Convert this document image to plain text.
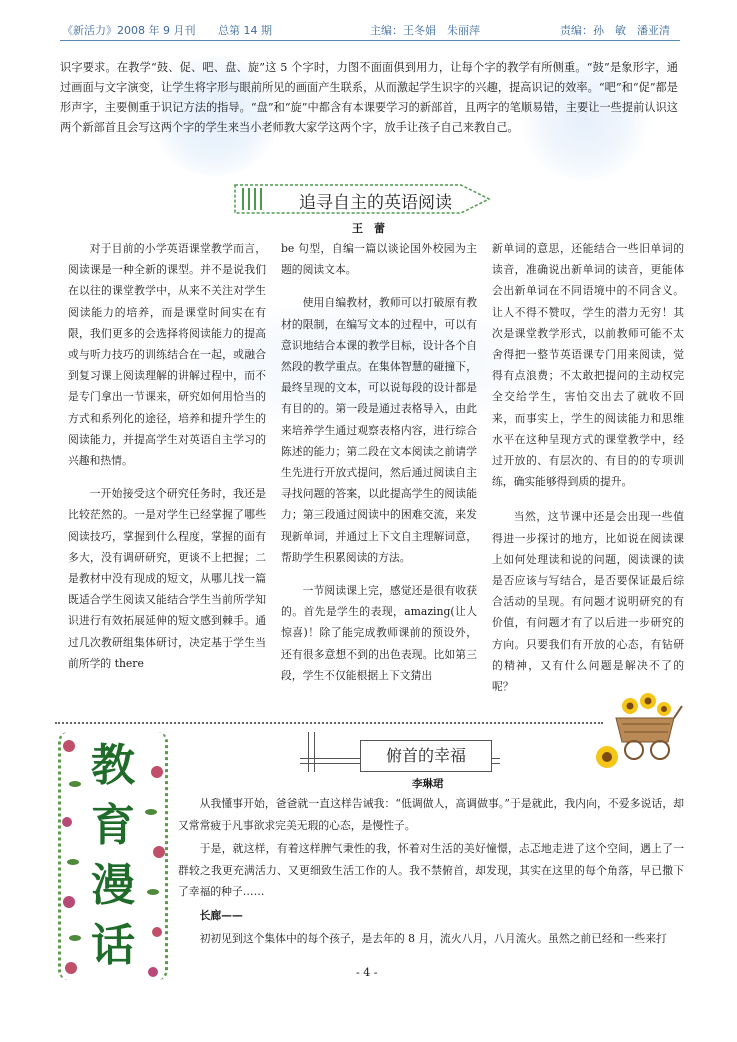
《新活力》2008 年 9 月刊 总第 14 期	主编：王冬娟　朱丽萍	责编：孙　敏　潘亚清

识字要求。在教学“鼓、促、吧、盘、旋”这 5 个字时，力图不面面俱到用力，让每个字的教学有所侧重。“鼓”是象形字，通过画面与文字演变，让学生将字形与眼前所见的画面产生联系，从而激起学生识字的兴趣，提高识记的效率。“吧”和“促”都是形声字，主要侧重于识记方法的指导。“盘”和“旋”中都含有本课要学习的新部首，且两字的笔顺易错，主要让一些提前认识这两个新部首且会写这两个字的学生来当小老师教大家学这两个字，放手让孩子自己来教自己。

追寻自主的英语阅读
王　蕾

对于目前的小学英语课堂教学而言，阅读课是一种全新的课型。并不是说我们在以往的课堂教学中，从来不关注对学生阅读能力的培养，而是课堂时间实在有限，我们更多的会选择将阅读能力的提高或与听力技巧的训练结合在一起，或融合到复习课上阅读理解的讲解过程中，而不是专门拿出一节课来，研究如何用恰当的方式和系列化的途径，培养和提升学生的阅读能力，并提高学生对英语自主学习的兴趣和热情。

一开始接受这个研究任务时，我还是比较茫然的。一是对学生已经掌握了哪些阅读技巧，掌握到什么程度，掌握的面有多大，没有调研研究，更谈不上把握；二是教材中没有现成的短文，从哪儿找一篇既适合学生阅读又能结合学生当前所学知识进行有效拓展延伸的短文感到棘手。通过几次教研组集体研讨，决定基于学生当前所学的 there

be 句型，自编一篇以谈论国外校园为主题的阅读文本。

使用自编教材，教师可以打破原有教材的限制，在编写文本的过程中，可以有意识地结合本课的教学目标，设计各个自然段的教学重点。在集体智慧的碰撞下，最终呈现的文本，可以说每段的设计都是有目的的。第一段是通过表格导入，由此来培养学生通过观察表格内容，进行综合陈述的能力；第二段在文本阅读之前请学生先进行开放式提问，然后通过阅读自主寻找问题的答案，以此提高学生的阅读能力；第三段通过阅读中的困难交流，来发现新单词，并通过上下文自主理解词意，帮助学生积累阅读的方法。

一节阅读课上完，感觉还是很有收获的。首先是学生的表现，amazing(让人惊喜)！除了能完成教师课前的预设外，还有很多意想不到的出色表现。比如第三段，学生不仅能根据上下文猜出

新单词的意思，还能结合一些旧单词的读音，准确说出新单词的读音，更能体会出新单词在不同语境中的不同含义。让人不得不赞叹，学生的潜力无穷！其次是课堂教学形式，以前教师可能不太舍得把一整节英语课专门用来阅读，觉得有点浪费；不太敢把提问的主动权完全交给学生，害怕交出去了就收不回来，而事实上，学生的阅读能力和思维水平在这种呈现方式的课堂教学中，经过开放的、有层次的、有目的的专项训练，确实能够得到质的提升。

当然，这节课中还是会出现一些值得进一步探讨的地方，比如说在阅读课上如何处理读和说的问题，阅读课的读是否应该与写结合，是否要保证最后综合活动的呈现。有问题才说明研究的有价值，有问题才有了以后进一步研究的方向。只要我们有开放的心态，有钻研的精神，又有什么问题是解决不了的呢？

教
育
漫
话
俯首的幸福
李琳珺

从我懂事开始，爸爸就一直这样告诫我：“低调做人，高调做事。”于是就此，我内向，不爱多说话，却又常常疲于凡事欲求完美无瑕的心态，是慢性子。

于是，就这样，有着这样脾气秉性的我，怀着对生活的美好憧憬，忐忑地走进了这个空间，遇上了一群较之我更充满活力、又更细致生活工作的人。我不禁俯首，却发现，其实在这里的每个角落，早已撒下了幸福的种子……

长廊——

初初见到这个集体中的每个孩子，是去年的 8 月，流火八月，八月流火。虽然之前已经和一些来打

- 4 -
